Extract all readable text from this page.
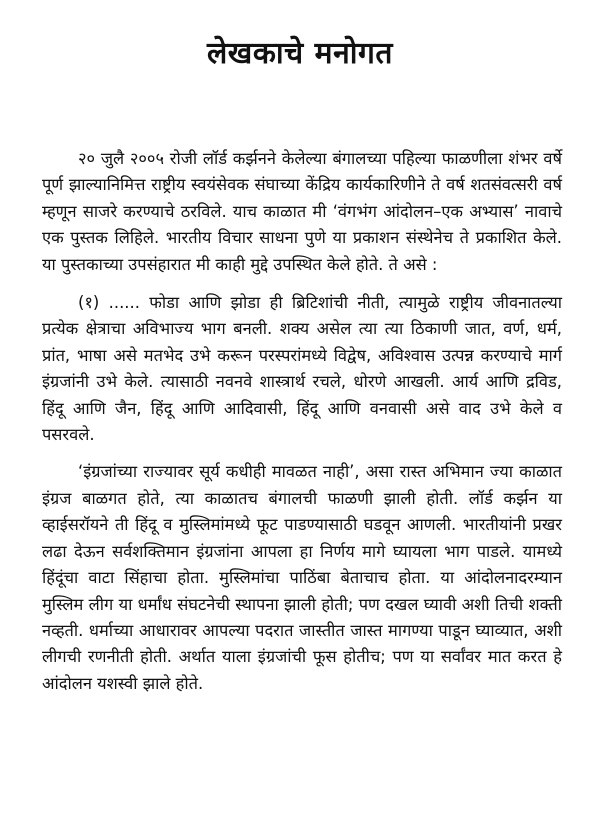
लेखकाचे मनोगत

२० जुलै २००५ रोजी लॉर्ड कर्झनने केलेल्या बंगालच्या पहिल्या फाळणीला शंभर वर्षे पूर्ण झाल्यानिमित्त राष्ट्रीय स्वयंसेवक संघाच्या केंद्रिय कार्यकारिणीने ते वर्ष शतसंवत्सरी वर्ष म्हणून साजरे करण्याचे ठरविले. याच काळात मी ‘वंगभंग आंदोलन–एक अभ्यास’ नावाचे एक पुस्तक लिहिले. भारतीय विचार साधना पुणे या प्रकाशन संस्थेनेच ते प्रकाशित केले. या पुस्तकाच्या उपसंहारात मी काही मुद्दे उपस्थित केले होते. ते असे :

(१) ...... फोडा आणि झोडा ही ब्रिटिशांची नीती, त्यामुळे राष्ट्रीय जीवनातल्या प्रत्येक क्षेत्राचा अविभाज्य भाग बनली. शक्य असेल त्या त्या ठिकाणी जात, वर्ण, धर्म, प्रांत, भाषा असे मतभेद उभे करून परस्परांमध्ये विद्वेष, अविश्वास उत्पन्न करण्याचे मार्ग इंग्रजांनी उभे केले. त्यासाठी नवनवे शास्त्रार्थ रचले, धोरणे आखली. आर्य आणि द्रविड, हिंदू आणि जैन, हिंदू आणि आदिवासी, हिंदू आणि वनवासी असे वाद उभे केले व पसरवले.

‘इंग्रजांच्या राज्यावर सूर्य कधीही मावळत नाही’, असा रास्त अभिमान ज्या काळात इंग्रज बाळगत होते, त्या काळातच बंगालची फाळणी झाली होती. लॉर्ड कर्झन या व्हाईसरॉयने ती हिंदू व मुस्लिमांमध्ये फूट पाडण्यासाठी घडवून आणली. भारतीयांनी प्रखर लढा देऊन सर्वशक्तिमान इंग्रजांना आपला हा निर्णय मागे घ्यायला भाग पाडले. यामध्ये हिंदूंचा वाटा सिंहाचा होता. मुस्लिमांचा पाठिंबा बेताचाच होता. या आंदोलनादरम्यान मुस्लिम लीग या धर्मांध संघटनेची स्थापना झाली होती; पण दखल घ्यावी अशी तिची शक्ती नव्हती. धर्माच्या आधारावर आपल्या पदरात जास्तीत जास्त मागण्या पाडून घ्याव्यात, अशी लीगची रणनीती होती. अर्थात याला इंग्रजांची फूस होतीच; पण या सर्वांवर मात करत हे आंदोलन यशस्वी झाले होते.
